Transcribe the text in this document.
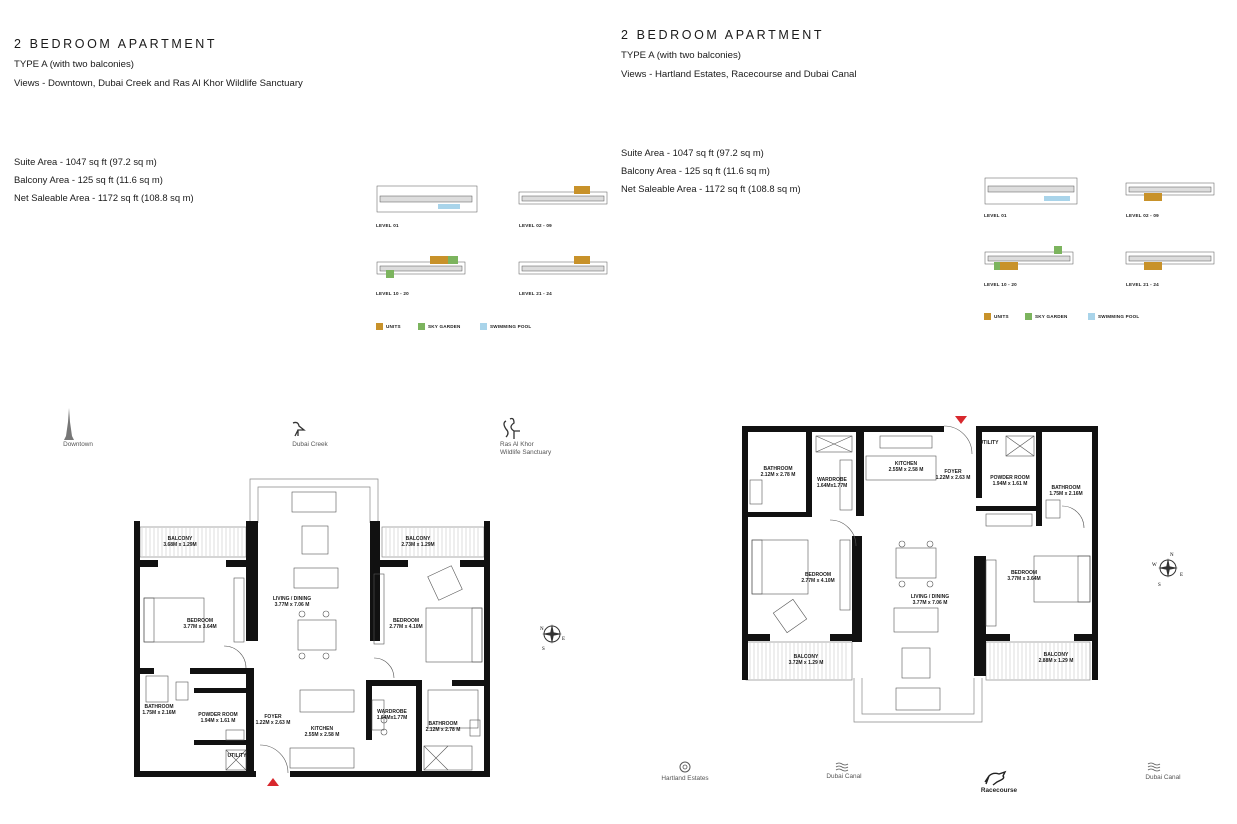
2 BEDROOM APARTMENT
TYPE A (with two balconies)
Views - Downtown, Dubai Creek and Ras Al Khor Wildlife Sanctuary
Suite Area - 1047 sq ft (97.2 sq m)
Balcony Area - 125 sq ft (11.6 sq m)
Net Saleable Area - 1172 sq ft (108.8 sq m)
2 BEDROOM APARTMENT
TYPE A (with two balconies)
Views - Hartland Estates, Racecourse and Dubai Canal
Suite Area - 1047 sq ft (97.2 sq m)
Balcony Area - 125 sq ft (11.6 sq m)
Net Saleable Area - 1172 sq ft (108.8 sq m)
LEVEL 01	LEVEL 02 - 09
LEVEL 10 - 20	LEVEL 21 - 24
UNITS	SKY GARDEN	SWIMMING POOL
LEVEL 01	LEVEL 02 - 09
LEVEL 10 - 20	LEVEL 21 - 24
UNITS	SKY GARDEN	SWIMMING POOL
Downtown	Dubai Creek	Ras Al Khor
Wildlife Sanctuary
BALCONY
3.68M x 1.29M
BALCONY
2.73M x 1.29M
BEDROOM
3.77M x 3.64M
LIVING / DINING
3.77M x 7.06 M
BEDROOM
2.77M x 4.10M
BATHROOM
1.75M x 2.16M	POWDER ROOM
1.94M x 1.61 M
FOYER
1.22M x 2.63 M
KITCHEN
2.55M x 2.58 M
WARDROBE
1.64Mx1.77M
BATHROOM
2.12M x 2.78 M
UTILITY
N
E
S
BATHROOM
2.12M x 2.78 M
WARDROBE
1.64Mx1.77M
KITCHEN
2.55M x 2.58 M	FOYER
1.22M x 2.63 M
UTILITY
POWDER ROOM
1.94M x 1.61 M
BATHROOM
1.75M x 2.16M
BEDROOM
2.77M x 4.10M
LIVING / DINING
3.77M x 7.06 M
BEDROOM
3.77M x 3.64M
BALCONY
3.72M x 1.29 M
BALCONY
2.88M x 1.29 M
N
E
S
W
Hartland Estates	Dubai Canal
Racecourse
Dubai Canal
